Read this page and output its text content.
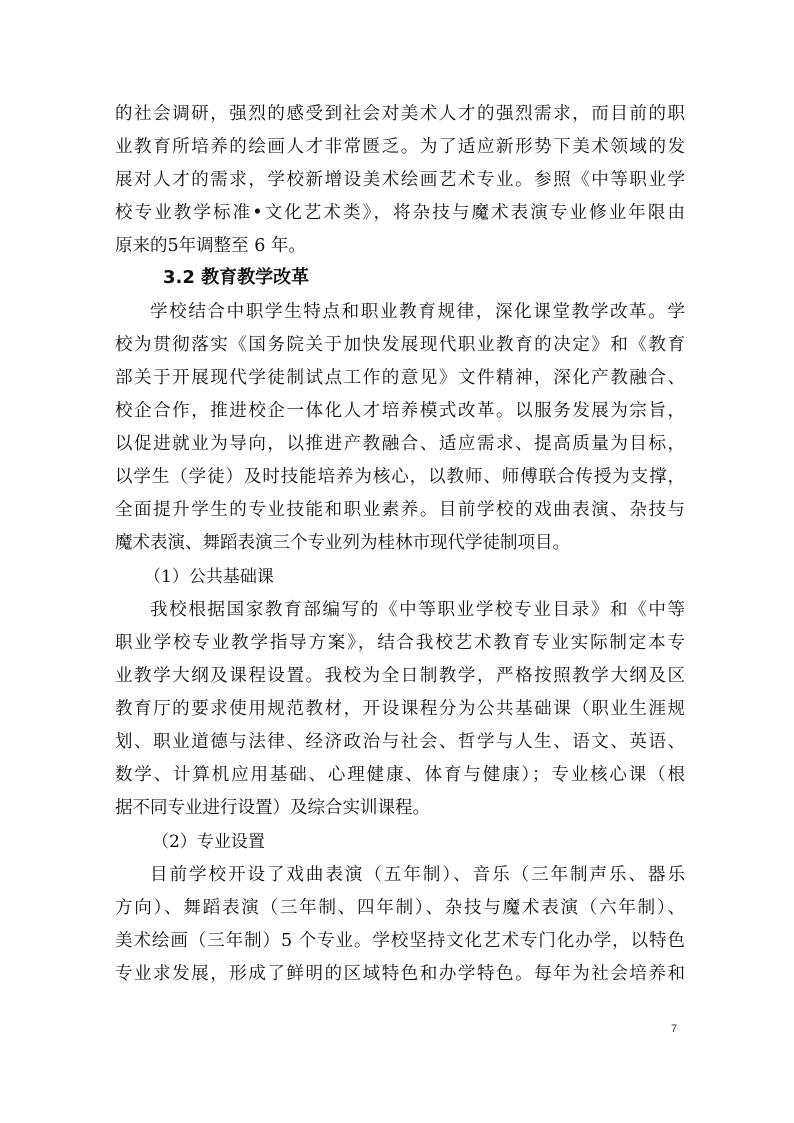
的社会调研，强烈的感受到社会对美术人才的强烈需求，而目前的职
业教育所培养的绘画人才非常匮乏。为了适应新形势下美术领域的发
展对人才的需求，学校新增设美术绘画艺术专业。参照《中等职业学
校专业教学标准•文化艺术类》，将杂技与魔术表演专业修业年限由
原来的5年调整至 6 年。
3.2 教育教学改革
学校结合中职学生特点和职业教育规律，深化课堂教学改革。学
校为贯彻落实《国务院关于加快发展现代职业教育的决定》和《教育
部关于开展现代学徒制试点工作的意见》文件精神，深化产教融合、
校企合作，推进校企一体化人才培养模式改革。以服务发展为宗旨，
以促进就业为导向，以推进产教融合、适应需求、提高质量为目标，
以学生（学徒）及时技能培养为核心，以教师、师傅联合传授为支撑，
全面提升学生的专业技能和职业素养。目前学校的戏曲表演、杂技与
魔术表演、舞蹈表演三个专业列为桂林市现代学徒制项目。
（1）公共基础课
我校根据国家教育部编写的《中等职业学校专业目录》和《中等
职业学校专业教学指导方案》，结合我校艺术教育专业实际制定本专
业教学大纲及课程设置。我校为全日制教学，严格按照教学大纲及区
教育厅的要求使用规范教材，开设课程分为公共基础课（职业生涯规
划、职业道德与法律、经济政治与社会、哲学与人生、语文、英语、
数学、计算机应用基础、心理健康、体育与健康）；专业核心课（根
据不同专业进行设置）及综合实训课程。
（2）专业设置
目前学校开设了戏曲表演（五年制）、音乐（三年制声乐、器乐
方向）、舞蹈表演（三年制、四年制）、杂技与魔术表演（六年制）、
美术绘画（三年制）5 个专业。学校坚持文化艺术专门化办学，以特色
专业求发展，形成了鲜明的区域特色和办学特色。每年为社会培养和
7
